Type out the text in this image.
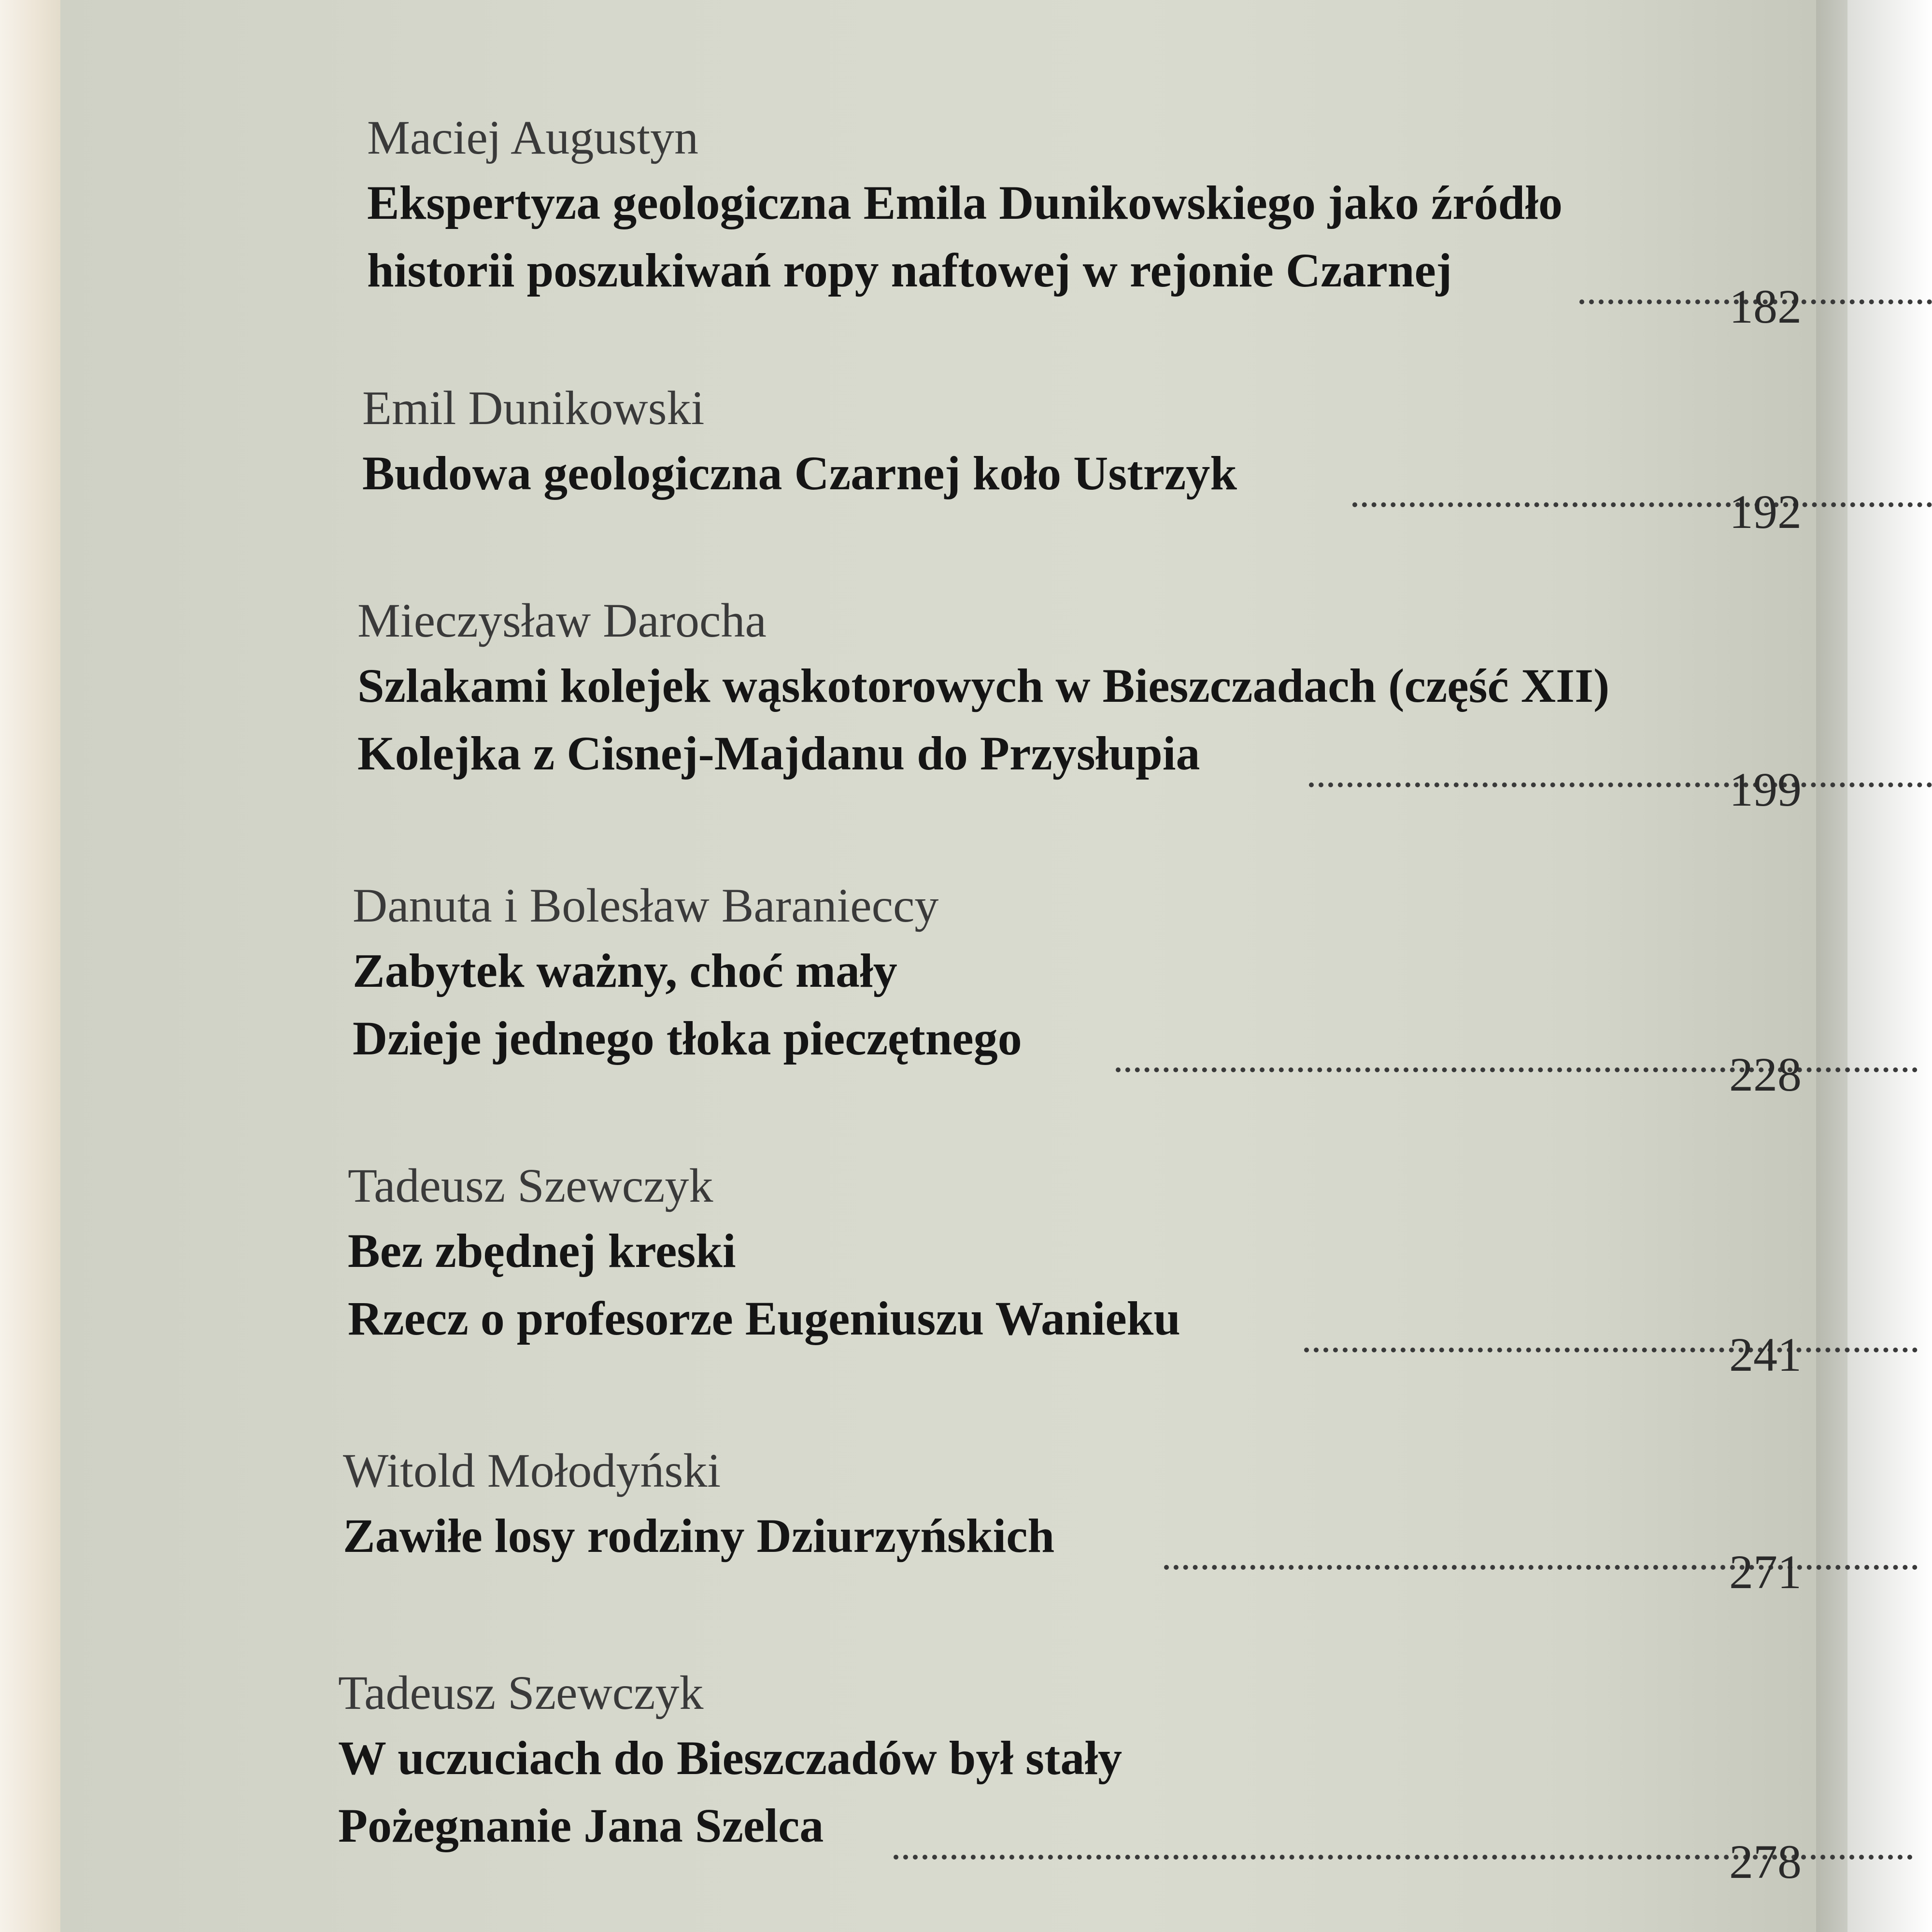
Maciej Augustyn
Ekspertyza geologiczna Emila Dunikowskiego jako źródło
historii poszukiwań ropy naftowej w rejonie Czarnej
182
Emil Dunikowski
Budowa geologiczna Czarnej koło Ustrzyk
192
Mieczysław Darocha
Szlakami kolejek wąskotorowych w Bieszczadach (część XII)
Kolejka z Cisnej-Majdanu do Przysłupia
199
Danuta i Bolesław Baranieccy
Zabytek ważny, choć mały
Dzieje jednego tłoka pieczętnego
228
Tadeusz Szewczyk
Bez zbędnej kreski
Rzecz o profesorze Eugeniuszu Wanieku
241
Witold Mołodyński
Zawiłe losy rodziny Dziurzyńskich
271
Tadeusz Szewczyk
W uczuciach do Bieszczadów był stały
Pożegnanie Jana Szelca
278
